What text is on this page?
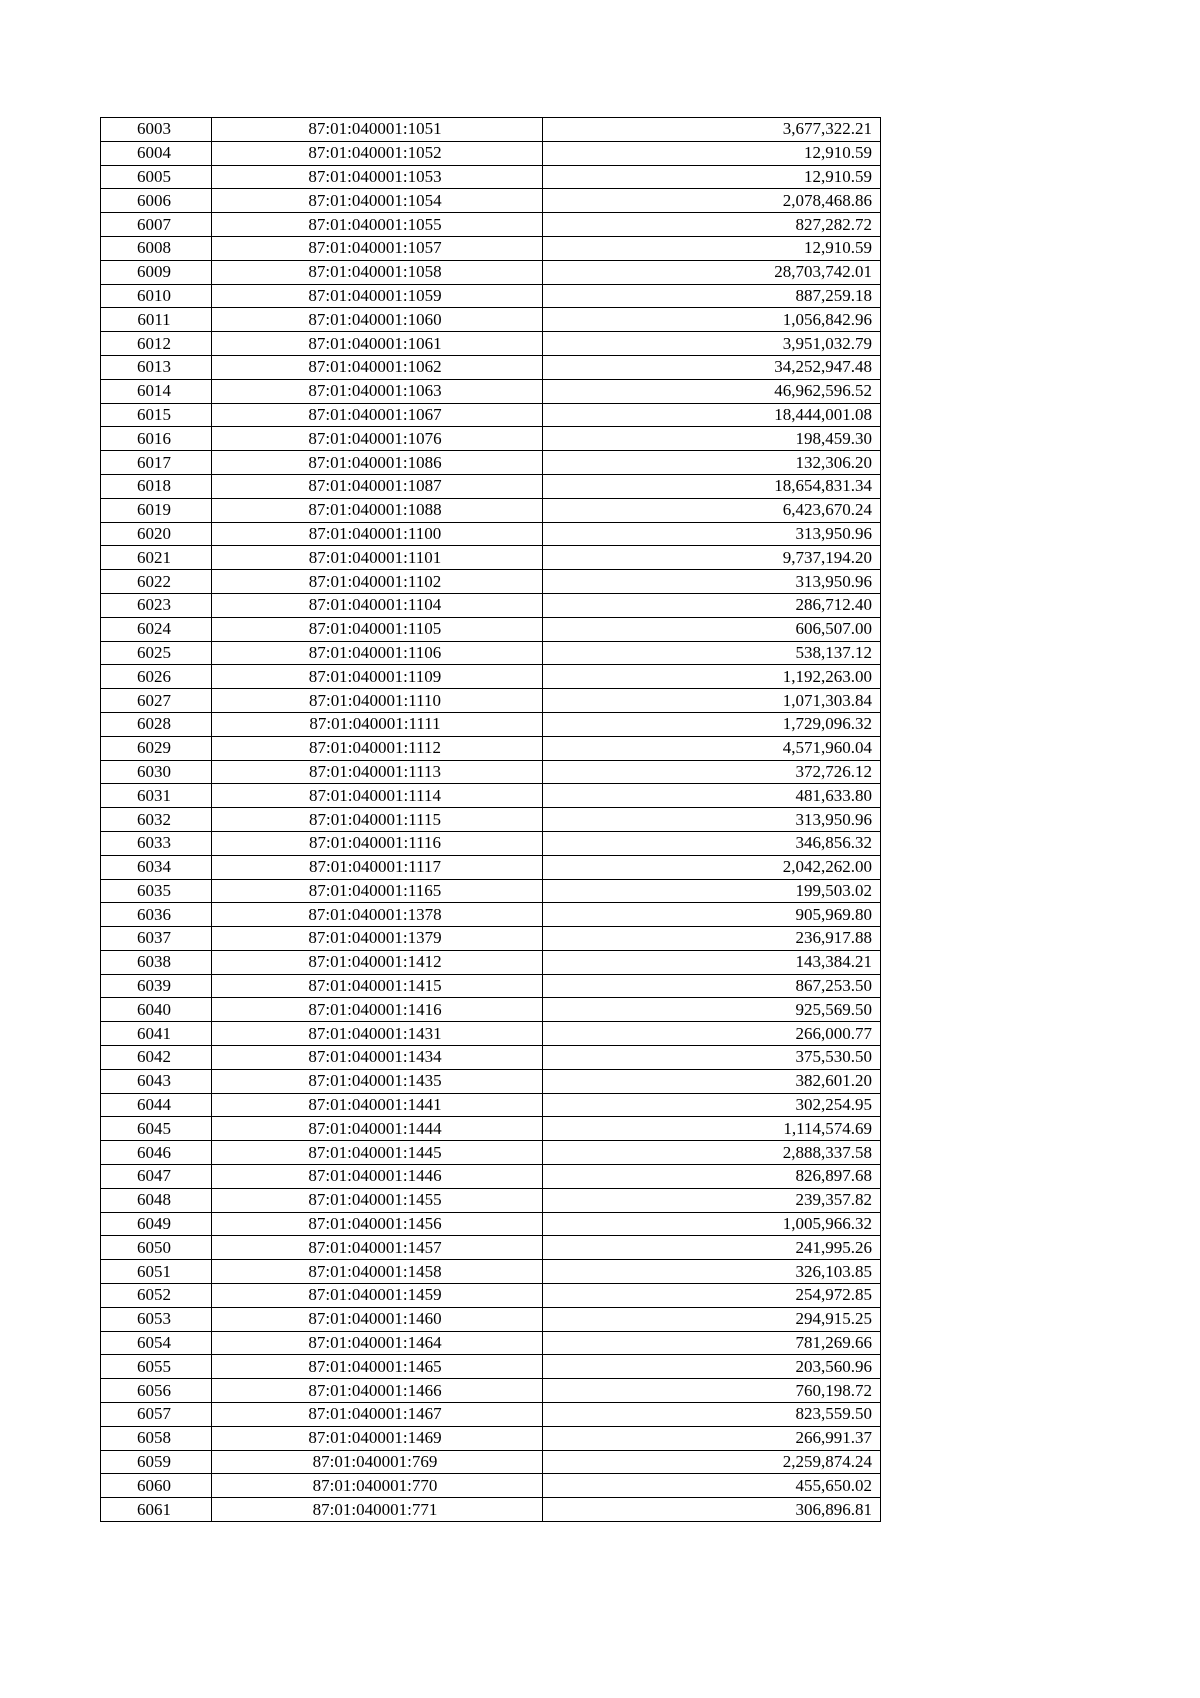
6003	87:01:040001:1051	3,677,322.21
6004	87:01:040001:1052	12,910.59
6005	87:01:040001:1053	12,910.59
6006	87:01:040001:1054	2,078,468.86
6007	87:01:040001:1055	827,282.72
6008	87:01:040001:1057	12,910.59
6009	87:01:040001:1058	28,703,742.01
6010	87:01:040001:1059	887,259.18
6011	87:01:040001:1060	1,056,842.96
6012	87:01:040001:1061	3,951,032.79
6013	87:01:040001:1062	34,252,947.48
6014	87:01:040001:1063	46,962,596.52
6015	87:01:040001:1067	18,444,001.08
6016	87:01:040001:1076	198,459.30
6017	87:01:040001:1086	132,306.20
6018	87:01:040001:1087	18,654,831.34
6019	87:01:040001:1088	6,423,670.24
6020	87:01:040001:1100	313,950.96
6021	87:01:040001:1101	9,737,194.20
6022	87:01:040001:1102	313,950.96
6023	87:01:040001:1104	286,712.40
6024	87:01:040001:1105	606,507.00
6025	87:01:040001:1106	538,137.12
6026	87:01:040001:1109	1,192,263.00
6027	87:01:040001:1110	1,071,303.84
6028	87:01:040001:1111	1,729,096.32
6029	87:01:040001:1112	4,571,960.04
6030	87:01:040001:1113	372,726.12
6031	87:01:040001:1114	481,633.80
6032	87:01:040001:1115	313,950.96
6033	87:01:040001:1116	346,856.32
6034	87:01:040001:1117	2,042,262.00
6035	87:01:040001:1165	199,503.02
6036	87:01:040001:1378	905,969.80
6037	87:01:040001:1379	236,917.88
6038	87:01:040001:1412	143,384.21
6039	87:01:040001:1415	867,253.50
6040	87:01:040001:1416	925,569.50
6041	87:01:040001:1431	266,000.77
6042	87:01:040001:1434	375,530.50
6043	87:01:040001:1435	382,601.20
6044	87:01:040001:1441	302,254.95
6045	87:01:040001:1444	1,114,574.69
6046	87:01:040001:1445	2,888,337.58
6047	87:01:040001:1446	826,897.68
6048	87:01:040001:1455	239,357.82
6049	87:01:040001:1456	1,005,966.32
6050	87:01:040001:1457	241,995.26
6051	87:01:040001:1458	326,103.85
6052	87:01:040001:1459	254,972.85
6053	87:01:040001:1460	294,915.25
6054	87:01:040001:1464	781,269.66
6055	87:01:040001:1465	203,560.96
6056	87:01:040001:1466	760,198.72
6057	87:01:040001:1467	823,559.50
6058	87:01:040001:1469	266,991.37
6059	87:01:040001:769	2,259,874.24
6060	87:01:040001:770	455,650.02
6061	87:01:040001:771	306,896.81
